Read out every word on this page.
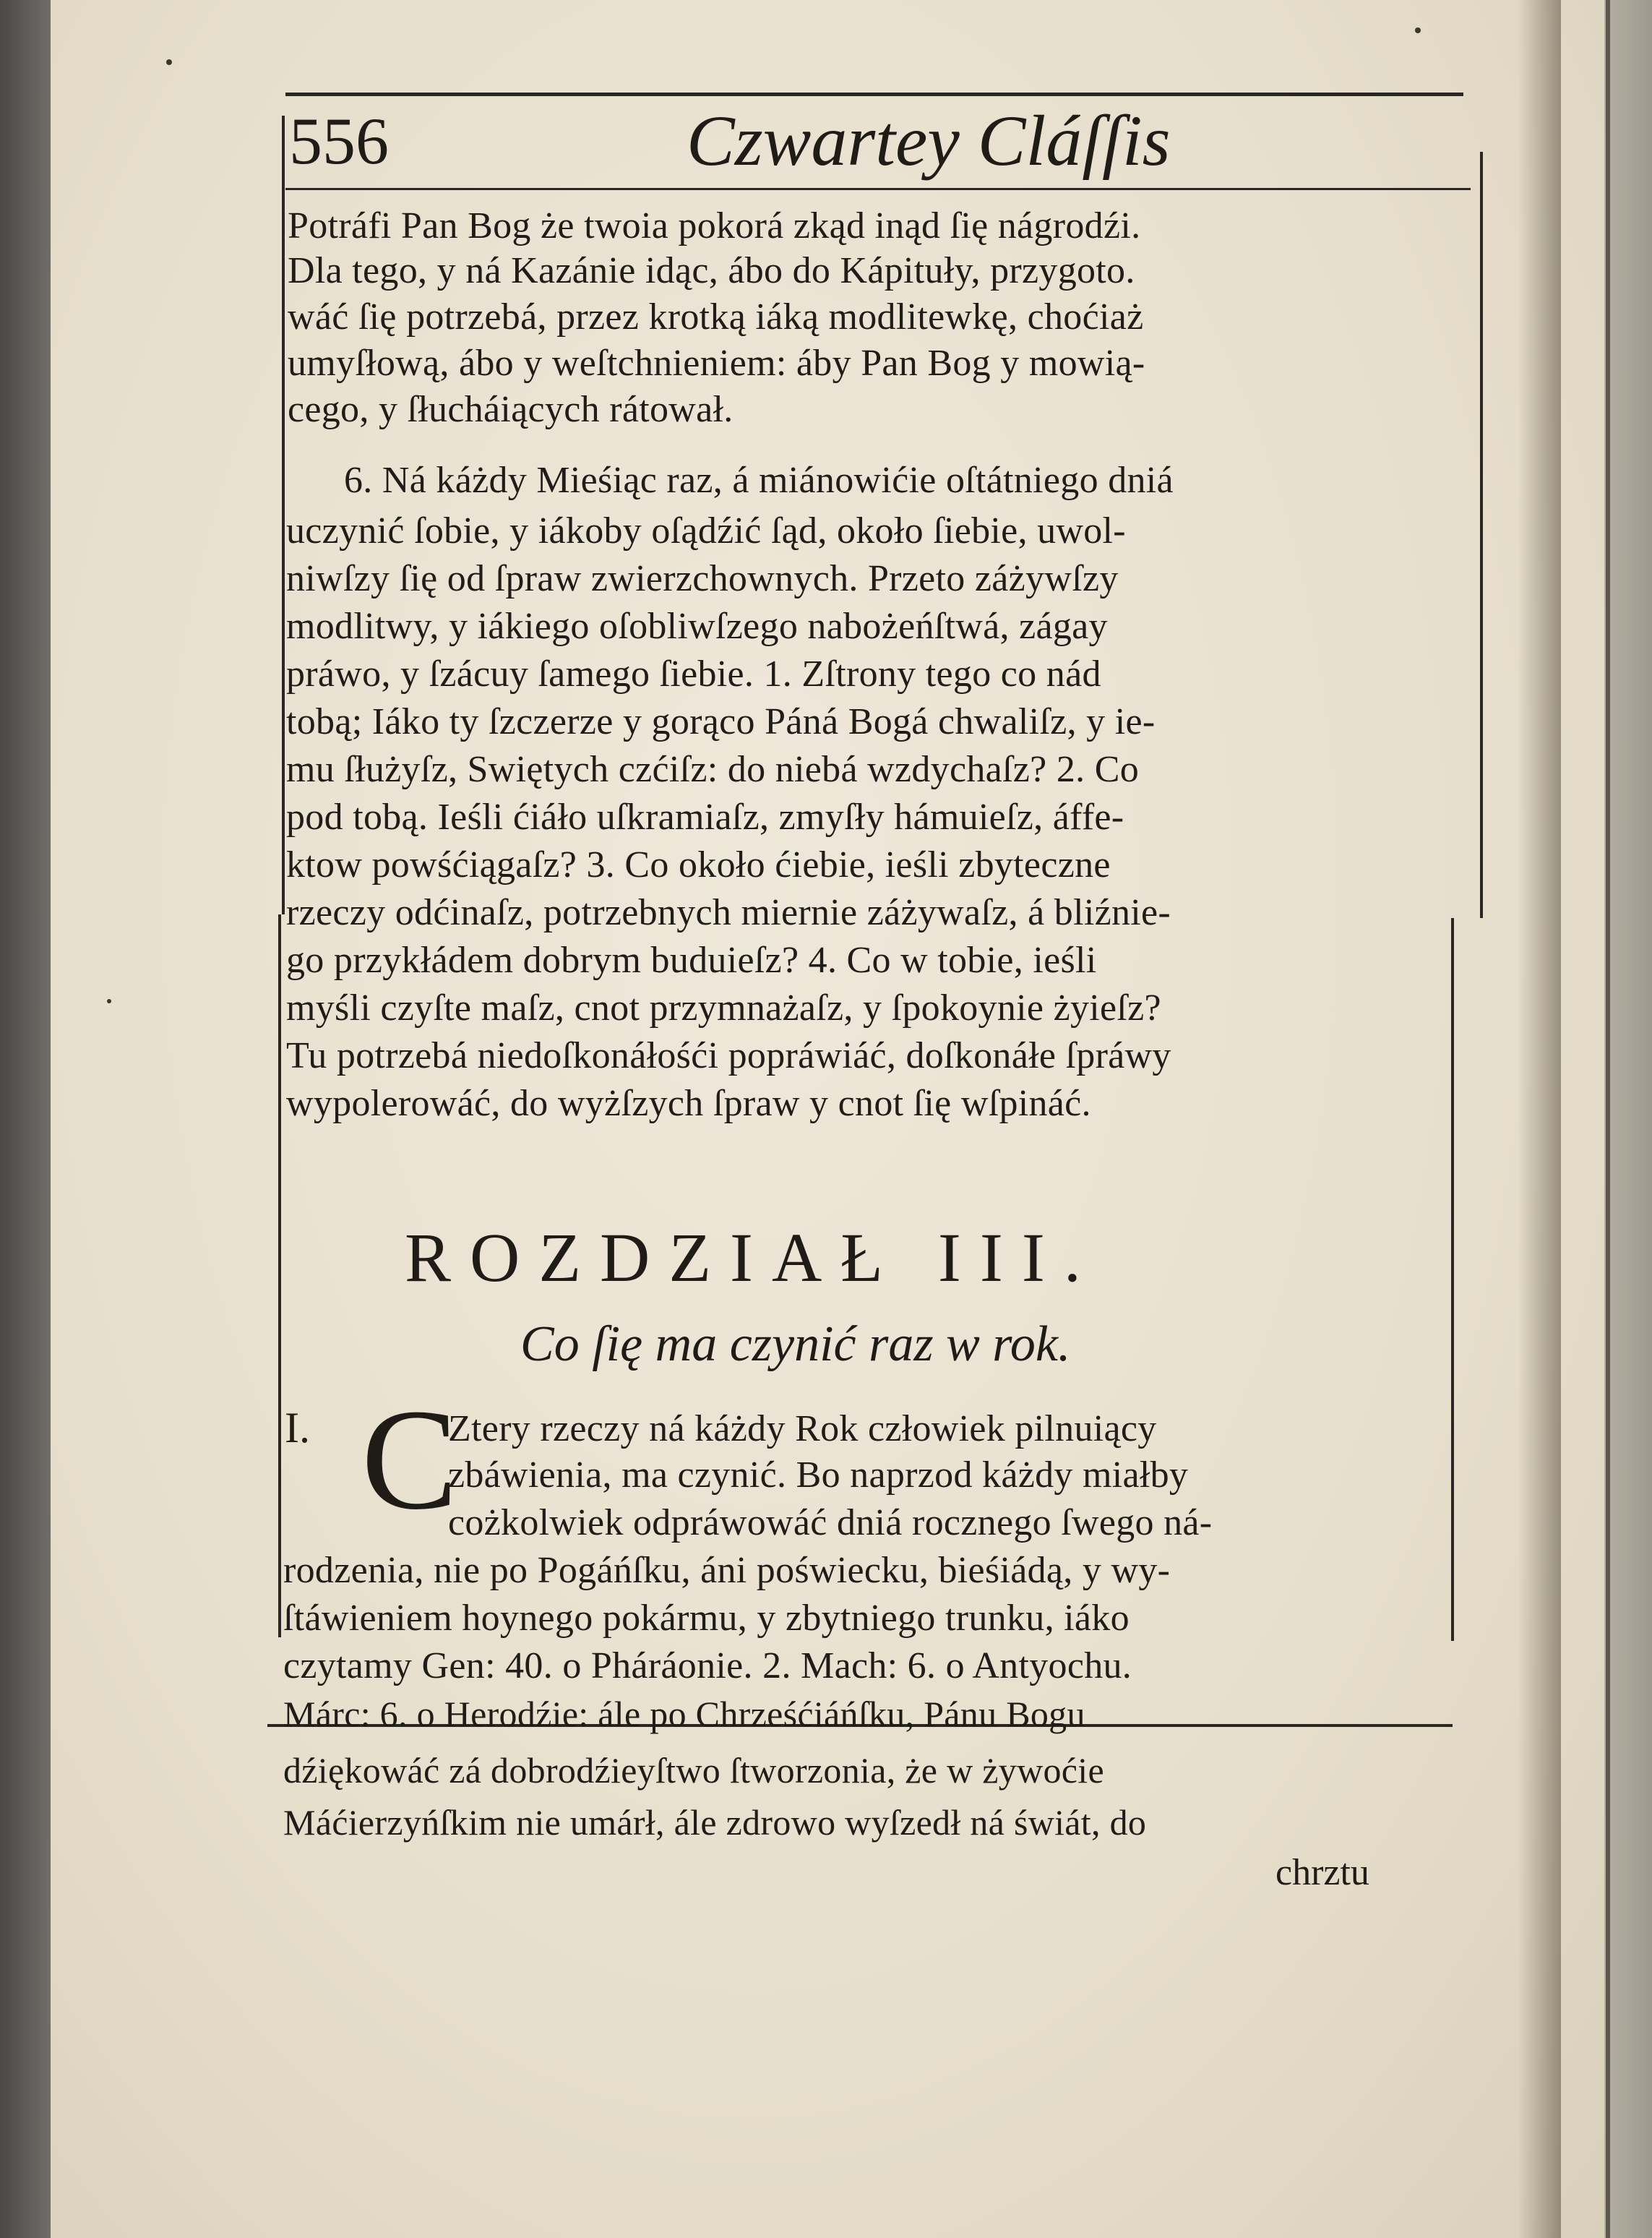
556	Czwartey Cláſſis
Potráfi Pan Bog że twoia pokorá zkąd inąd ſię nágrodźi.
Dla tego, y ná Kazánie idąc, ábo do Kápituły, przygoto.
wáć ſię potrzebá, przez krotką iáką modlitewkę, choćiaż
umyſłową, ábo y weſtchnieniem: áby Pan Bog y mowią-
cego, y ſłucháiących rátował.
6. Ná káżdy Mieśiąc raz, á miánowićie oſtátniego dniá
uczynić ſobie, y iákoby oſądźić ſąd, około ſiebie, uwol-
niwſzy ſię od ſpraw zwierzchownych. Przeto záżywſzy
modlitwy, y iákiego oſobliwſzego nabożeńſtwá, zágay
práwo, y ſzácuy ſamego ſiebie. 1. Zſtrony tego co nád
tobą; Iáko ty ſzczerze y gorąco Páná Bogá chwaliſz, y ie-
mu ſłużyſz, Swiętych czćiſz: do niebá wzdychaſz? 2. Co
pod tobą. Ieśli ćiáło uſkramiaſz, zmyſły hámuieſz, áffe-
ktow powśćiągaſz? 3. Co około ćiebie, ieśli zbyteczne
rzeczy odćinaſz, potrzebnych miernie záżywaſz, á bliźnie-
go przykłádem dobrym buduieſz? 4. Co w tobie, ieśli
myśli czyſte maſz, cnot przymnażaſz, y ſpokoynie żyieſz?
Tu potrzebá niedoſkonáłośći popráwiáć, doſkonáłe ſpráwy
wypolerowáć, do wyżſzych ſpraw y cnot ſię wſpináć.
ROZDZIAŁ III.
Co ſię ma czynić raz w rok.
I. C
Ztery rzeczy ná káżdy Rok człowiek pilnuiący
zbáwienia, ma czynić. Bo naprzod káżdy miałby
cożkolwiek odpráwowáć dniá rocznego ſwego ná-
rodzenia, nie po Pogáńſku, áni poświecku, bieśiádą, y wy-
ſtáwieniem hoynego pokármu, y zbytniego trunku, iáko
czytamy Gen: 40. o Pháráonie. 2. Mach: 6. o Antyochu.
Márc: 6. o Herodźie: ále po Chrześćiáńſku, Pánu Bogu
dźiękowáć zá dobrodźieyſtwo ſtworzonia, że w żywoćie
Máćierzyńſkim nie umárł, ále zdrowo wyſzedł ná świát, do
chrztu
